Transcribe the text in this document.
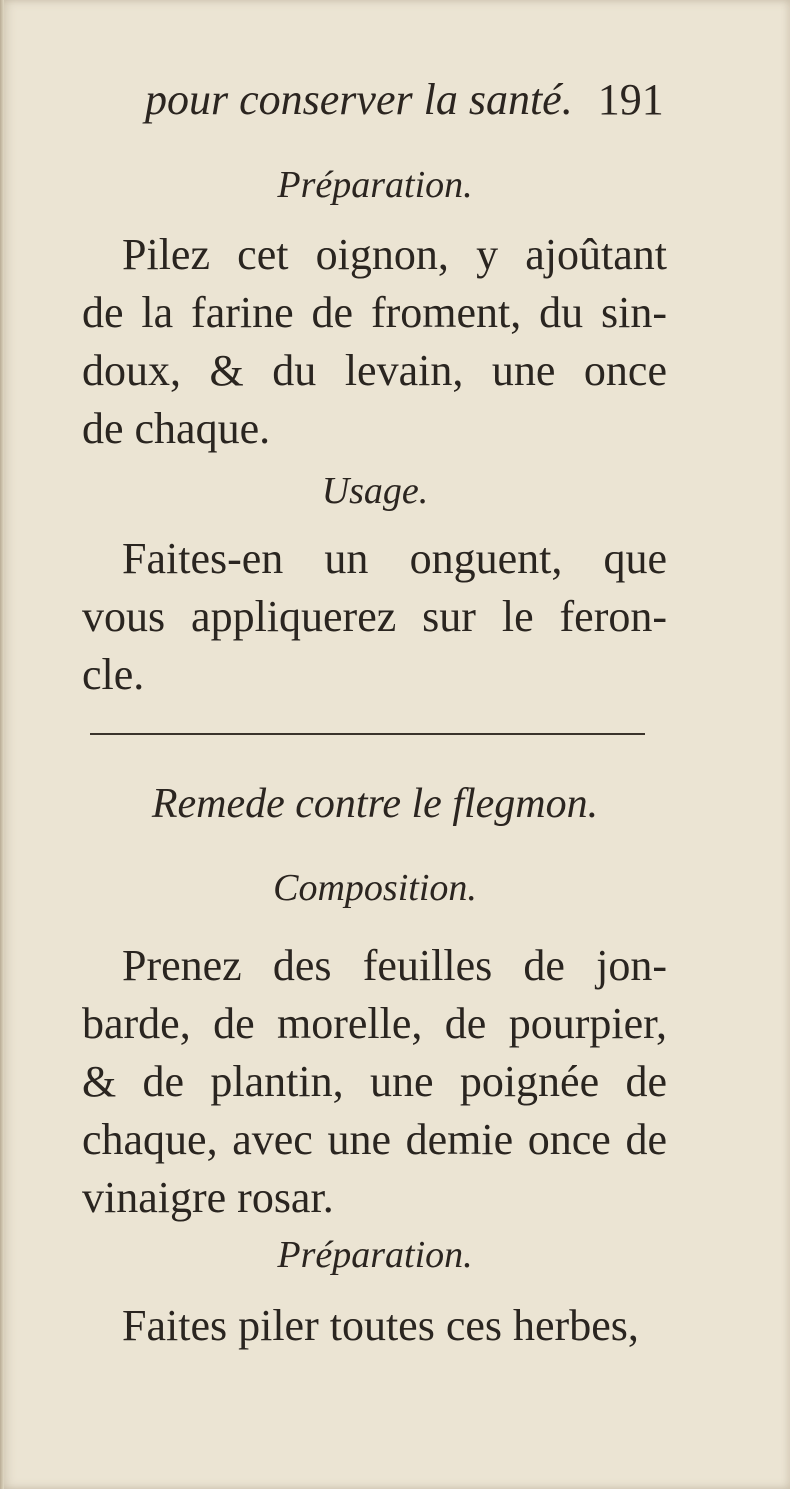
pour conserver la santé. 191
Préparation.
Pilez cet oignon, y ajoûtant
de la farine de froment, du sin-
doux, & du levain, une once
de chaque.
Usage.
Faites-en un onguent, que
vous appliquerez sur le feron-
cle.
Remede contre le flegmon.
Composition.
Prenez des feuilles de jon-
barde, de morelle, de pourpier,
& de plantin, une poignée de
chaque, avec une demie once de
vinaigre rosar.
Préparation.
Faites piler toutes ces herbes,
